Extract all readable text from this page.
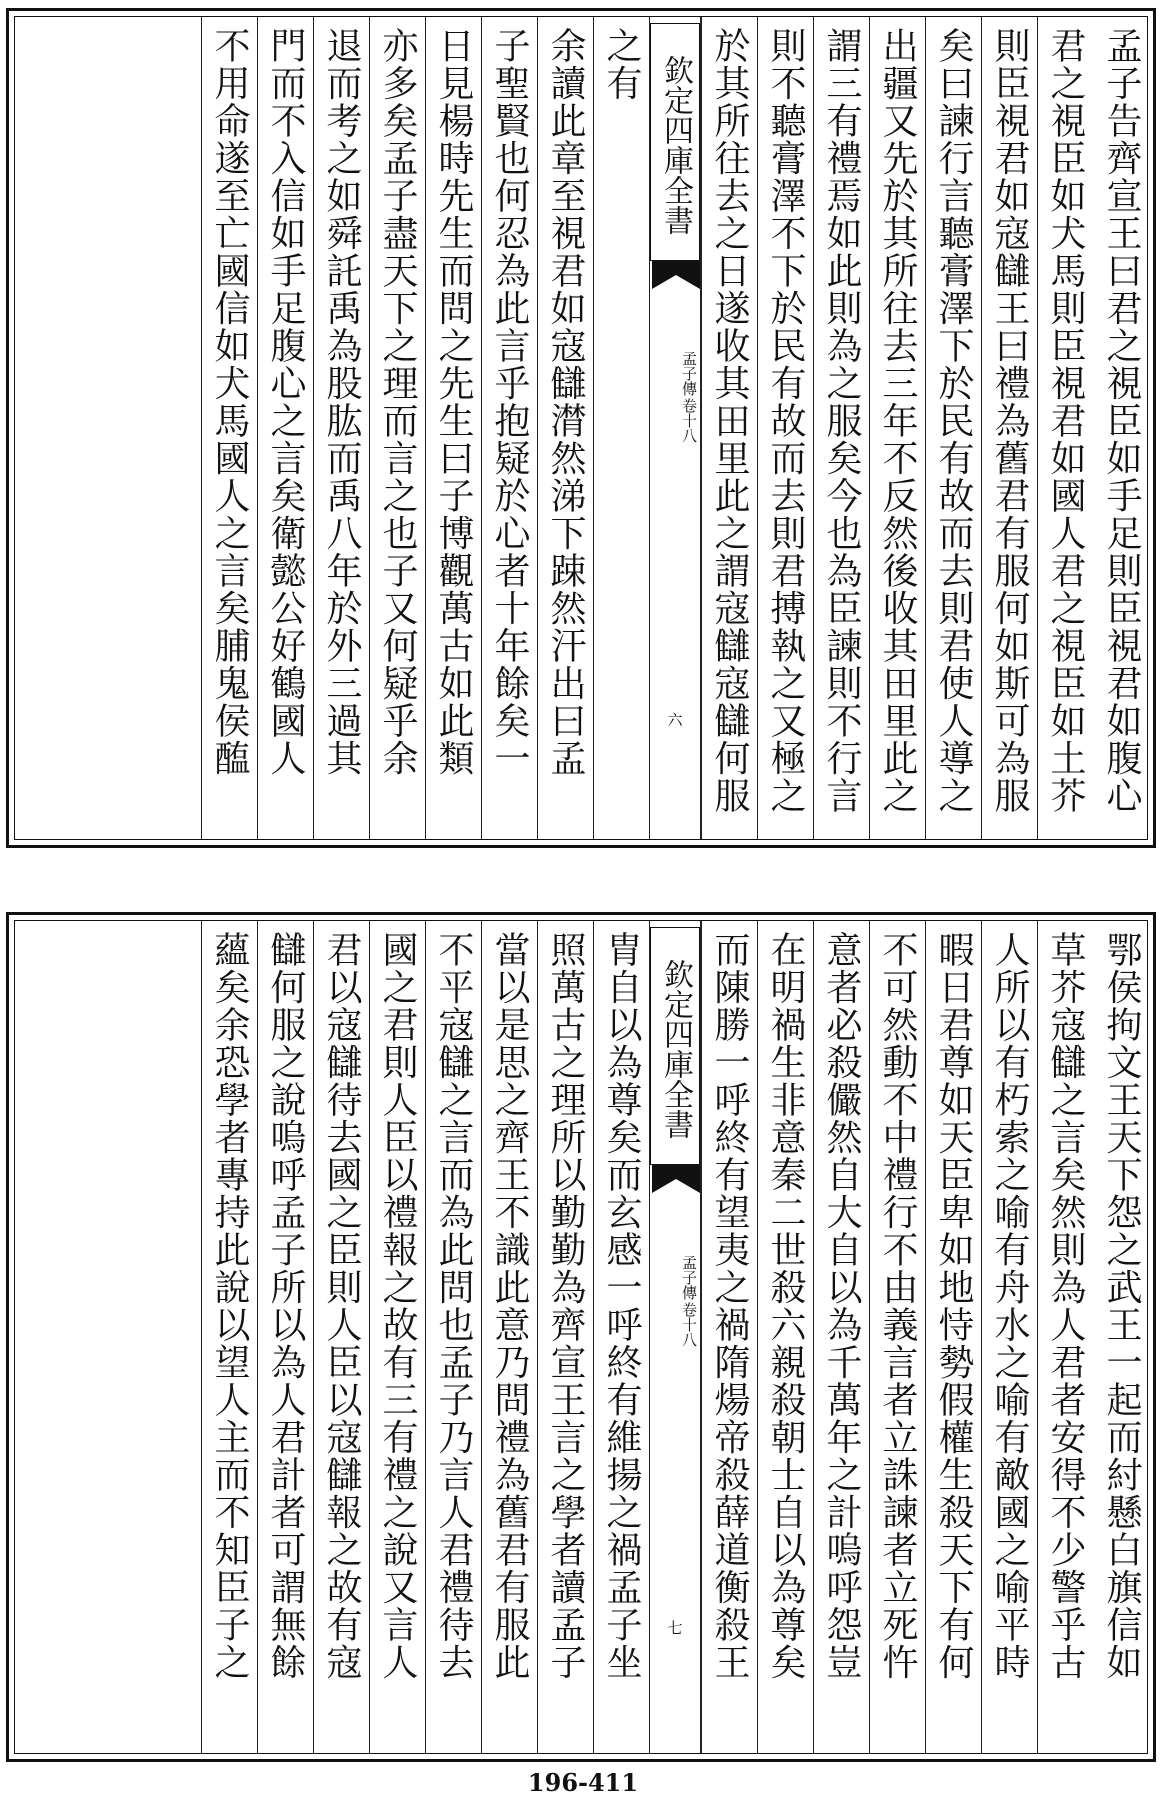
孟子告齊宣王曰君之視臣如手足則臣視君如腹心
君之視臣如犬馬則臣視君如國人君之視臣如土芥
則臣視君如寇讎王曰禮為舊君有服何如斯可為服
矣曰諫行言聽膏澤下於民有故而去則君使人導之
出疆又先於其所往去三年不反然後收其田里此之
謂三有禮焉如此則為之服矣今也為臣諫則不行言
則不聽膏澤不下於民有故而去則君搏執之又極之
於其所往去之日遂收其田里此之謂寇讎寇讎何服
欽定四庫全書
孟子傳
卷十八
六
之有
余讀此章至視君如寇讎潸然涕下踈然汗出曰孟
子聖賢也何忍為此言乎抱疑於心者十年餘矣一
日見楊時先生而問之先生曰子博觀萬古如此類
亦多矣孟子盡天下之理而言之也子又何疑乎余
退而考之如舜託禹為股肱而禹八年於外三過其
門而不入信如手足腹心之言矣衛懿公好鶴國人
不用命遂至亡國信如犬馬國人之言矣脯鬼侯醢
鄂侯拘文王天下怨之武王一起而紂懸白旗信如
草芥寇讎之言矣然則為人君者安得不少警乎古
人所以有朽索之喻有舟水之喻有敵國之喻平時
暇日君尊如天臣卑如地恃勢假權生殺天下有何
不可然動不中禮行不由義言者立誅諫者立死忤
意者必殺儼然自大自以為千萬年之計嗚呼怨豈
在明禍生非意秦二世殺六親殺朝士自以為尊矣
而陳勝一呼終有望夷之禍隋煬帝殺薛道衡殺王
欽定四庫全書
孟子傳
卷十八
七
胄自以為尊矣而玄感一呼終有維揚之禍孟子坐
照萬古之理所以勤勤為齊宣王言之學者讀孟子
當以是思之齊王不識此意乃問禮為舊君有服此
不平寇讎之言而為此問也孟子乃言人君禮待去
國之君則人臣以禮報之故有三有禮之說又言人
君以寇讎待去國之臣則人臣以寇讎報之故有寇
讎何服之說嗚呼孟子所以為人君計者可謂無餘
蘊矣余恐學者專持此說以望人主而不知臣子之
196-411
